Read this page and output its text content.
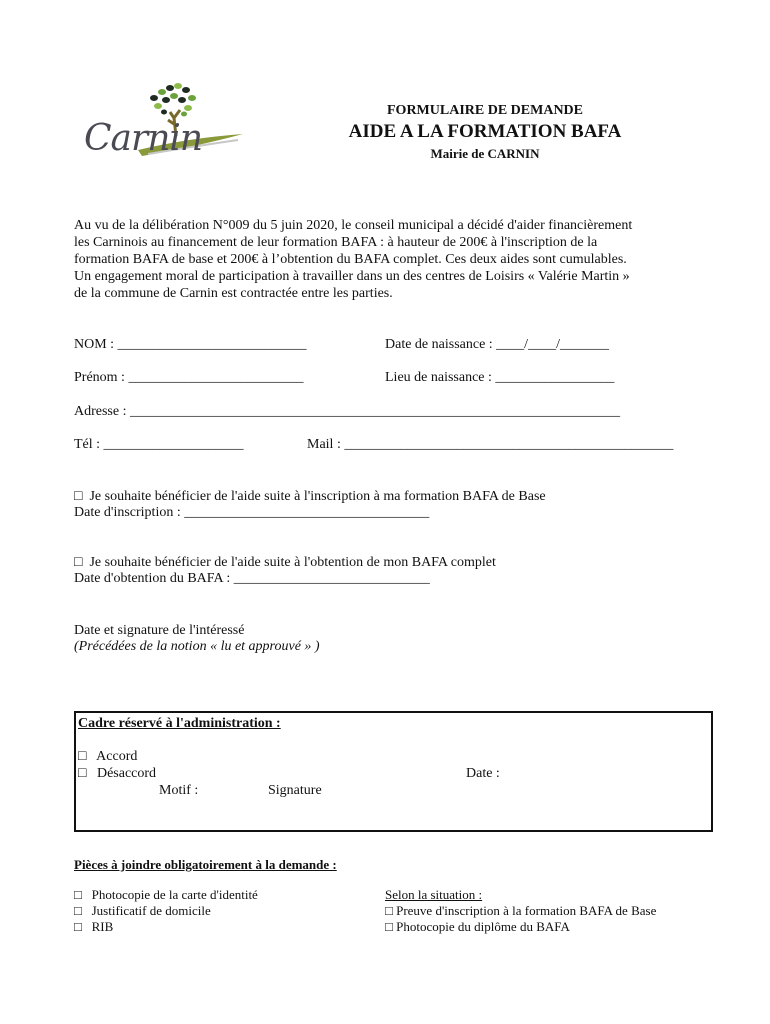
Carnin
FORMULAIRE DE DEMANDE
AIDE A LA FORMATION BAFA
Mairie de CARNIN
Au vu de la délibération N°009 du 5 juin 2020, le conseil municipal a décidé d'aider financièrement
les Carninois au financement de leur formation BAFA : à hauteur de 200€ à l'inscription de la
formation BAFA de base et 200€ à l’obtention du BAFA complet. Ces deux aides sont cumulables.
Un engagement moral de participation à travailler dans un des centres de Loisirs « Valérie Martin »
de la commune de Carnin est contractée entre les parties.
NOM : ___________________________	Date de naissance : ____/____/_______
Prénom : _________________________	Lieu de naissance : _________________
Adresse : ______________________________________________________________________
Tél : ____________________	Mail : _______________________________________________
□  Je souhaite bénéficier de l'aide suite à l'inscription à ma formation BAFA de Base
Date d'inscription : ___________________________________
□  Je souhaite bénéficier de l'aide suite à l'obtention de mon BAFA complet
Date d'obtention du BAFA : ____________________________
Date et signature de l'intéressé
(Précédées de la notion « lu et approuvé » )
Cadre réservé à l'administration :
□   Accord
□   Désaccord	Date :
Motif :	Signature
Pièces à joindre obligatoirement à la demande :
□   Photocopie de la carte d'identité
□   Justificatif de domicile
□   RIB
Selon la situation :
□ Preuve d'inscription à la formation BAFA de Base
□ Photocopie du diplôme du BAFA
